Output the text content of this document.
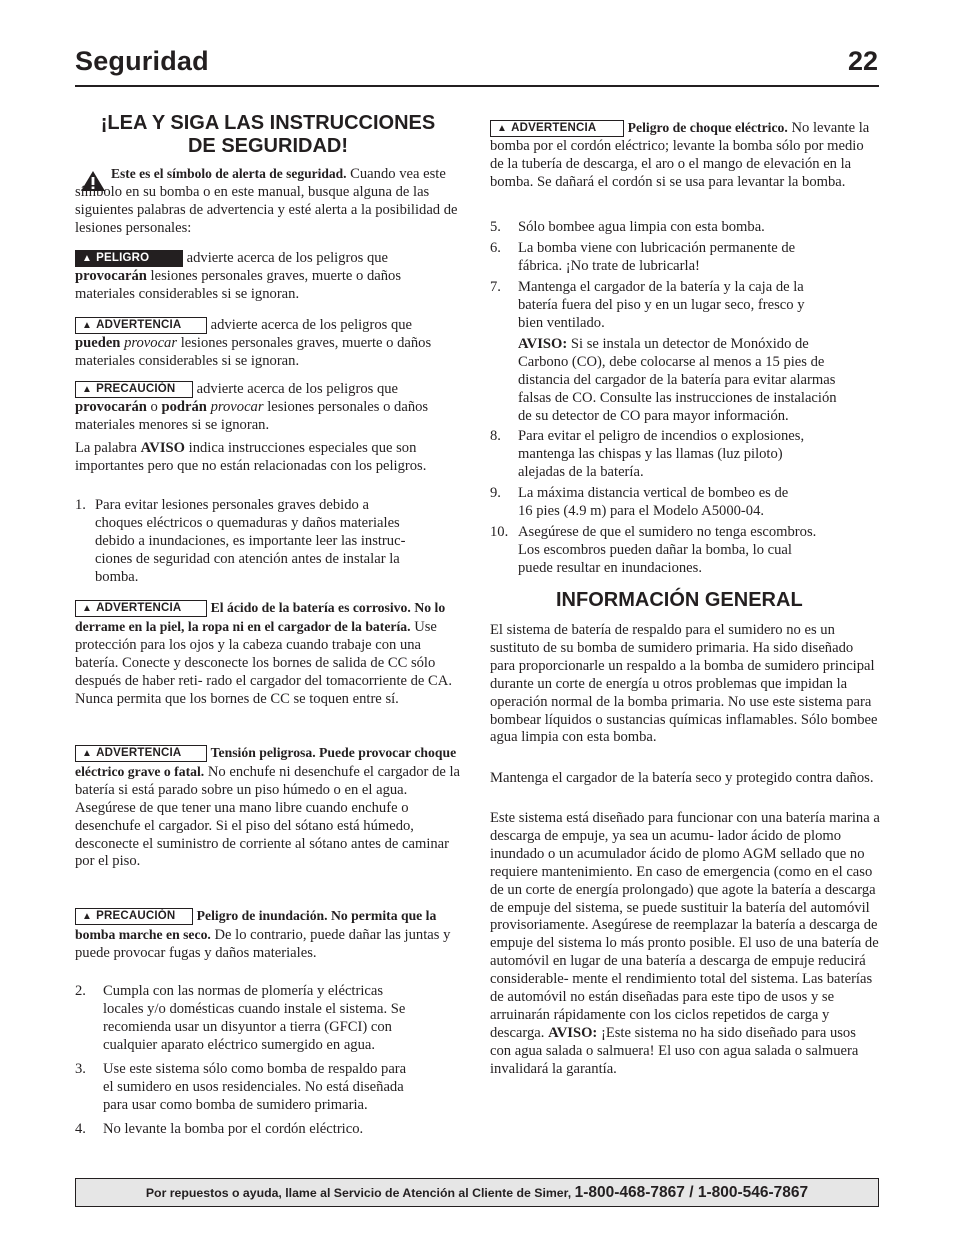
Seguridad	22
¡LEA Y SIGA LAS INSTRUCCIONES
DE SEGURIDAD!

Este es el símbolo de alerta de seguridad. Cuando vea este símbolo en su bomba o en este manual, busque alguna de las siguientes palabras de advertencia y esté alerta a la posibilidad de lesiones personales:

▲ PELIGRO	advierte acerca de los peligros que provocarán lesiones personales graves, muerte o daños materiales considerables si se ignoran.

▲ ADVERTENCIA advierte acerca de los peligros que pueden provocar lesiones personales graves, muerte o daños materiales considerables si se ignoran.

▲ PRECAUCIÓN advierte acerca de los peligros que provocarán o podrán provocar lesiones personales o daños materiales menores si se ignoran.

La palabra AVISO indica instrucciones especiales que son importantes pero que no están relacionadas con los peligros.

1. Para evitar lesiones personales graves debido a
choques eléctricos o quemaduras y daños materiales
debido a inundaciones, es importante leer las instruc-
ciones de seguridad con atención antes de instalar la
bomba.

▲ ADVERTENCIA El ácido de la batería es corrosivo. No lo derrame en la piel, la ropa ni en el cargador de la batería. Use protección para los ojos y la cabeza cuando trabaje con una batería. Conecte y desconecte los bornes de salida de CC sólo después de haber reti- rado el cargador del tomacorriente de CA. Nunca permita que los bornes de CC se toquen entre sí.

▲ ADVERTENCIA Tensión peligrosa. Puede provocar choque eléctrico grave o fatal. No enchufe ni desenchufe el cargador de la batería si está parado sobre un piso húmedo o en el agua. Asegúrese de que tener una mano libre cuando enchufe o desenchufe el cargador. Si el piso del sótano está húmedo, desconecte el suministro de corriente al sótano antes de caminar por el piso.

▲ PRECAUCIÓN Peligro de inundación. No permita que la bomba marche en seco. De lo contrario, puede dañar las juntas y puede provocar fugas y daños materiales.

2. Cumpla con las normas de plomería y eléctricas
locales y/o domésticas cuando instale el sistema. Se
recomienda usar un disyuntor a tierra (GFCI) con
cualquier aparato eléctrico sumergido en agua.
3. Use este sistema sólo como bomba de respaldo para
el sumidero en usos residenciales. No está diseñada
para usar como bomba de sumidero primaria.
4. No levante la bomba por el cordón eléctrico.

▲ ADVERTENCIA Peligro de choque eléctrico. No levante la bomba por el cordón eléctrico; levante la bomba sólo por medio de la tubería de descarga, el aro o el mango de elevación en la bomba. Se dañará el cordón si se usa para levantar la bomba.

5. Sólo bombee agua limpia con esta bomba.
6. La bomba viene con lubricación permanente de
fábrica. ¡No trate de lubricarla!
7. Mantenga el cargador de la batería y la caja de la
batería fuera del piso y en un lugar seco, fresco y
bien ventilado.
AVISO: Si se instala un detector de Monóxido de
Carbono (CO), debe colocarse al menos a 15 pies de
distancia del cargador de la batería para evitar alarmas
falsas de CO. Consulte las instrucciones de instalación
de su detector de CO para mayor información.
8. Para evitar el peligro de incendios o explosiones,
mantenga las chispas y las llamas (luz piloto)
alejadas de la batería.
9. La máxima distancia vertical de bombeo es de
16 pies (4.9 m) para el Modelo A5000-04.
10. Asegúrese de que el sumidero no tenga escombros.
Los escombros pueden dañar la bomba, lo cual
puede resultar en inundaciones.
INFORMACIÓN GENERAL

El sistema de batería de respaldo para el sumidero no es un sustituto de su bomba de sumidero primaria. Ha sido diseñado para proporcionarle un respaldo a la bomba de sumidero principal durante un corte de energía u otros problemas que impidan la operación normal de la bomba primaria. No use este sistema para bombear líquidos o sustancias químicas inflamables. Sólo bombee agua limpia con esta bomba.

Mantenga el cargador de la batería seco y protegido contra daños.

Este sistema está diseñado para funcionar con una batería marina a descarga de empuje, ya sea un acumu- lador ácido de plomo inundado o un acumulador ácido de plomo AGM sellado que no requiere mantenimiento. En caso de emergencia (como en el caso de un corte de energía prolongado) que agote la batería a descarga de empuje del sistema, se puede sustituir la batería del automóvil provisoriamente. Asegúrese de reemplazar la batería a descarga de empuje del sistema lo más pronto posible. El uso de una batería de automóvil en lugar de una batería a descarga de empuje reducirá considerable- mente el rendimiento total del sistema. Las baterías de automóvil no están diseñadas para este tipo de usos y se arruinarán rápidamente con los ciclos repetidos de carga y descarga. AVISO: ¡Este sistema no ha sido diseñado para usos con agua salada o salmuera! El uso con agua salada o salmuera invalidará la garantía.

Por repuestos o ayuda, llame al Servicio de Atención al Cliente de Simer, 1-800-468-7867 / 1-800-546-7867
